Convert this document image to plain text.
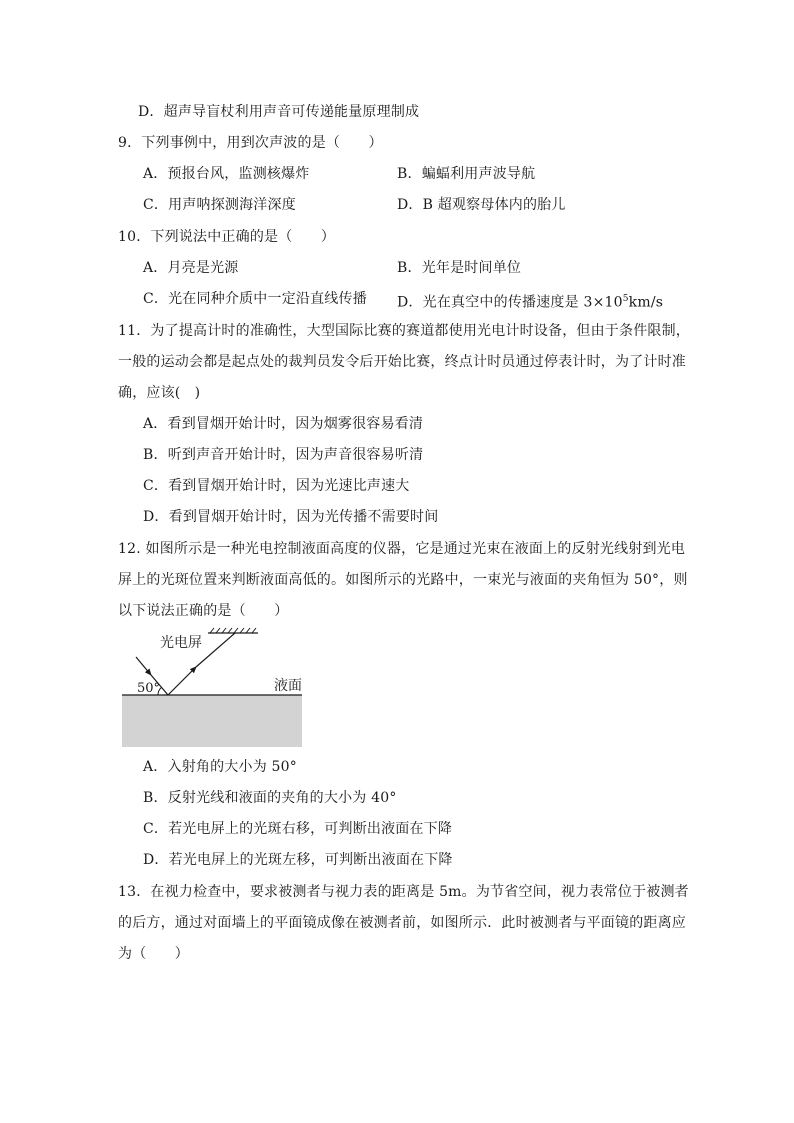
D．超声导盲杖利用声音可传递能量原理制成
9．下列事例中，用到次声波的是（　　）
A．预报台风，监测核爆炸	B．蝙蝠利用声波导航
C．用声呐探测海洋深度	D．B 超观察母体内的胎儿
10．下列说法中正确的是（　　）
A．月亮是光源	B．光年是时间单位
C．光在同种介质中一定沿直线传播 D．光在真空中的传播速度是 $3\times 10^5km/s$
11．为了提高计时的准确性，大型国际比赛的赛道都使用光电计时设备，但由于条件限制，
一般的运动会都是起点处的裁判员发令后开始比赛，终点计时员通过停表计时，为了计时准
确，应该(　)
A．看到冒烟开始计时，因为烟雾很容易看清
B．听到声音开始计时，因为声音很容易听清
C．看到冒烟开始计时，因为光速比声速大
D．看到冒烟开始计时，因为光传播不需要时间
12. 如图所示是一种光电控制液面高度的仪器，它是通过光束在液面上的反射光线射到光电
屏上的光斑位置来判断液面高低的。如图所示的光路中，一束光与液面的夹角恒为 50°，则
以下说法正确的是（　　）
光电屏
50°	液面
A．入射角的大小为 50°
B．反射光线和液面的夹角的大小为 40°
C．若光电屏上的光斑右移，可判断出液面在下降
D．若光电屏上的光斑左移，可判断出液面在下降
13．在视力检查中，要求被测者与视力表的距离是 5m。为节省空间，视力表常位于被测者
的后方，通过对面墙上的平面镜成像在被测者前，如图所示．此时被测者与平面镜的距离应
为（　　）
